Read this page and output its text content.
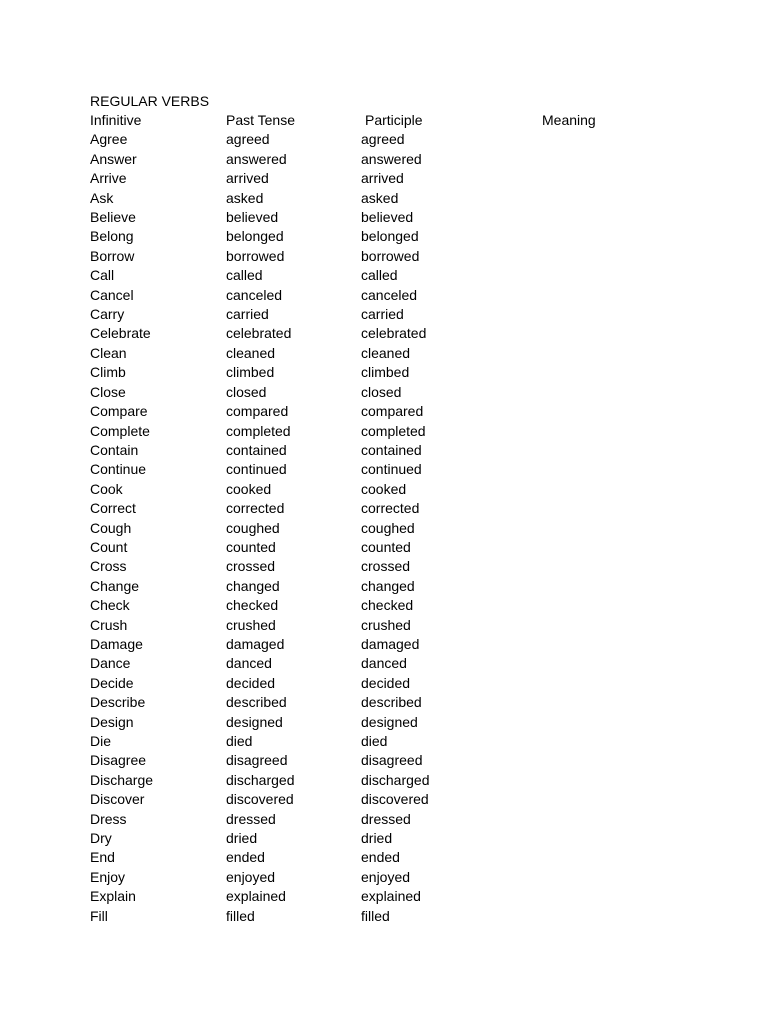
REGULAR VERBS
Infinitive	Past Tense	Participle	Meaning
Agree	agreed	agreed
Answer	answered	answered
Arrive	arrived	arrived
Ask	asked	asked
Believe	believed	believed
Belong	belonged	belonged
Borrow	borrowed	borrowed
Call	called	called
Cancel	canceled	canceled
Carry	carried	carried
Celebrate	celebrated	celebrated
Clean	cleaned	cleaned
Climb	climbed	climbed
Close	closed	closed
Compare	compared	compared
Complete	completed	completed
Contain	contained	contained
Continue	continued	continued
Cook	cooked	cooked
Correct	corrected	corrected
Cough	coughed	coughed
Count	counted	counted
Cross	crossed	crossed
Change	changed	changed
Check	checked	checked
Crush	crushed	crushed
Damage	damaged	damaged
Dance	danced	danced
Decide	decided	decided
Describe	described	described
Design	designed	designed
Die	died	died
Disagree	disagreed	disagreed
Discharge	discharged	discharged
Discover	discovered	discovered
Dress	dressed	dressed
Dry	dried	dried
End	ended	ended
Enjoy	enjoyed	enjoyed
Explain	explained	explained
Fill	filled	filled
